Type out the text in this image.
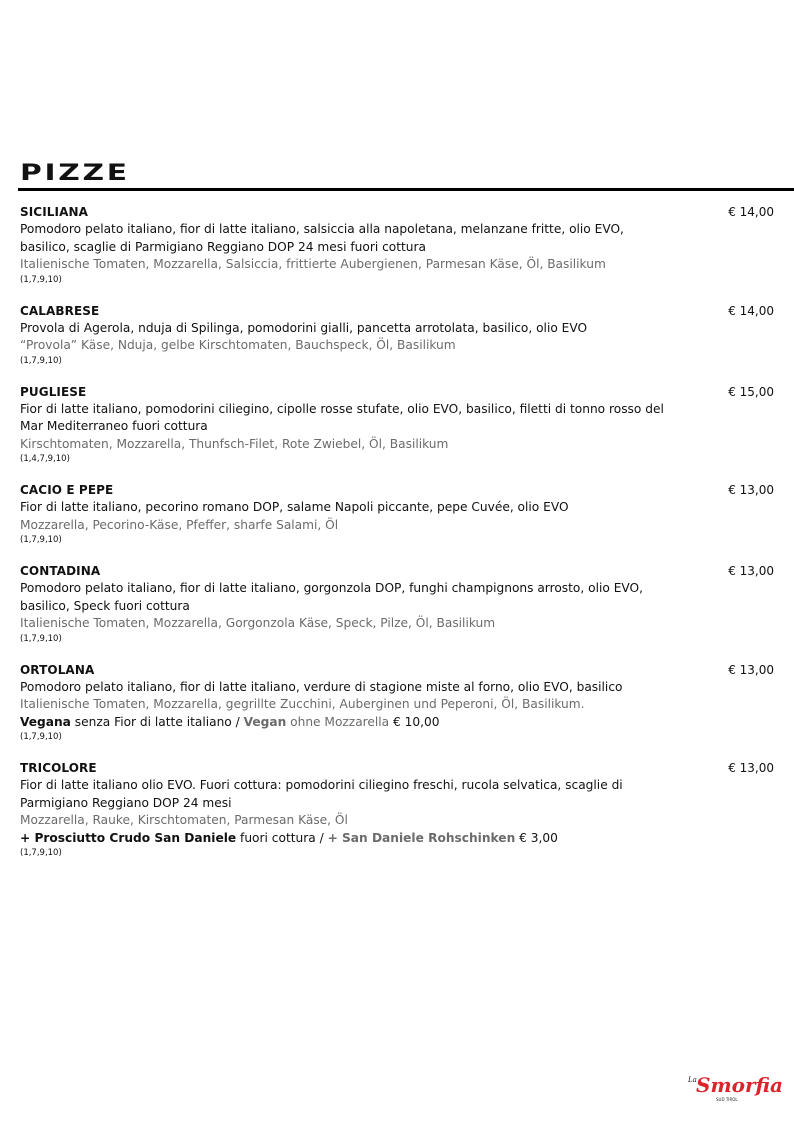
PIZZE
SICILIANA	€ 14,00
Pomodoro pelato italiano, fior di latte italiano, salsiccia alla napoletana, melanzane fritte, olio EVO, basilico, scaglie di Parmigiano Reggiano DOP 24 mesi fuori cottura
Italienische Tomaten, Mozzarella, Salsiccia, frittierte Aubergienen, Parmesan Käse, Öl, Basilikum
(1,7,9,10)
CALABRESE	€ 14,00
Provola di Agerola, nduja di Spilinga, pomodorini gialli, pancetta arrotolata, basilico, olio EVO
“Provola” Käse, Nduja, gelbe Kirschtomaten, Bauchspeck, Öl, Basilikum
(1,7,9,10)
PUGLIESE	€ 15,00
Fior di latte italiano, pomodorini ciliegino, cipolle rosse stufate, olio EVO, basilico, filetti di tonno rosso del Mar Mediterraneo fuori cottura
Kirschtomaten, Mozzarella, Thunfsch-Filet, Rote Zwiebel, Öl, Basilikum
(1,4,7,9,10)
CACIO E PEPE	€ 13,00
Fior di latte italiano, pecorino romano DOP, salame Napoli piccante, pepe Cuvée, olio EVO
Mozzarella, Pecorino-Käse, Pfeffer, sharfe Salami, Öl
(1,7,9,10)
CONTADINA	€ 13,00
Pomodoro pelato italiano, fior di latte italiano, gorgonzola DOP, funghi champignons arrosto, olio EVO, basilico, Speck fuori cottura
Italienische Tomaten, Mozzarella, Gorgonzola Käse, Speck, Pilze, Öl, Basilikum
(1,7,9,10)
ORTOLANA	€ 13,00
Pomodoro pelato italiano, fior di latte italiano, verdure di stagione miste al forno, olio EVO, basilico
Italienische Tomaten, Mozzarella, gegrillte Zucchini, Auberginen und Peperoni, Öl, Basilikum.
Vegana senza Fior di latte italiano / Vegan ohne Mozzarella € 10,00
(1,7,9,10)
TRICOLORE	€ 13,00
Fior di latte italiano olio EVO. Fuori cottura: pomodorini ciliegino freschi, rucola selvatica, scaglie di Parmigiano Reggiano DOP 24 mesi
Mozzarella, Rauke, Kirschtomaten, Parmesan Käse, Öl
+ Prosciutto Crudo San Daniele fuori cottura / + San Daniele Rohschinken € 3,00
(1,7,9,10)
La Smorfia
SUD TIROL
